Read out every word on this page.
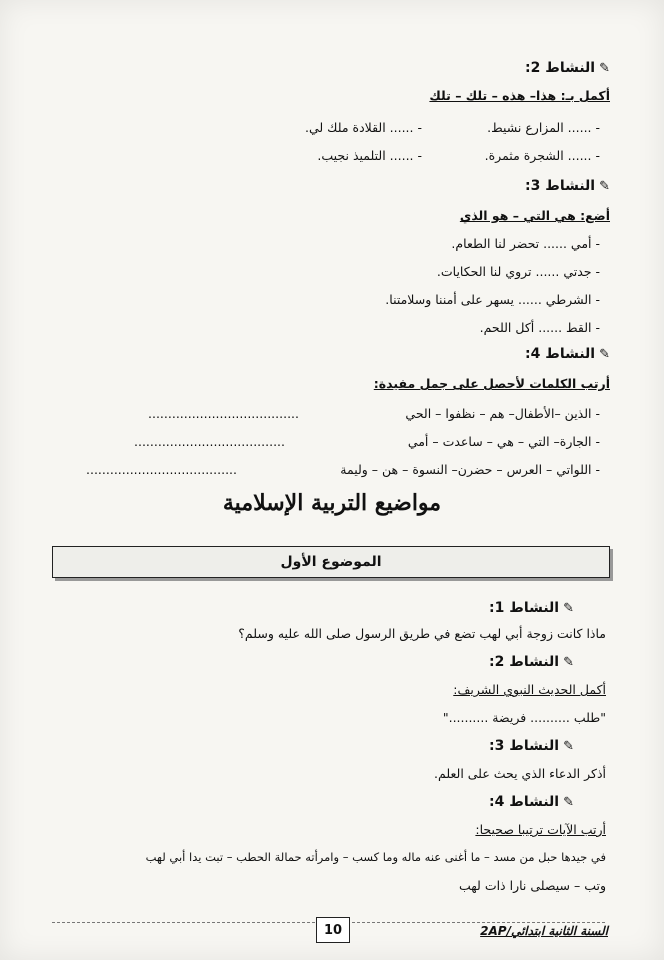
✎النشاط 2:
أكمل بـ: هذا– هذه – تلك – تلك
- ...... المزارع نشيط.
- ...... القلادة ملك لي.
- ...... الشجرة مثمرة.
- ...... التلميذ نجيب.
✎النشاط 3:
أضع: هي التي – هو الذي
- أمي ...... تحضر لنا الطعام.
- جدتي ...... تروي لنا الحكايات.
- الشرطي ...... يسهر على أمننا وسلامتنا.
- القط ...... أكل اللحم.
✎النشاط 4:
أرتب الكلمات لأحصل على جمل مفيدة:
- الذين –الأطفال– هم – نظفوا – الحي
......................................
- الجارة– التي – هي – ساعدت – أمي
......................................
- اللواتي – العرس – حضرن– النسوة – هن – وليمة
......................................
مواضيع التربية الإسلامية
الموضوع الأول
✎النشاط 1:
ماذا كانت زوجة أبي لهب تضع في طريق الرسول صلى الله عليه وسلم؟
✎النشاط 2:
أكمل الحديث النبوي الشريف:
"طلب .......... فريضة .........."
✎النشاط 3:
أذكر الدعاء الذي يحث على العلم.
✎النشاط 4:
أرتب الآيات ترتيبا صحيحا:
في جيدها حبل من مسد – ما أغنى عنه ماله وما كسب – وامرأته حمالة الحطب – تبت يدا أبي لهب
وتب – سيصلى نارا ذات لهب
10	السنة الثانية ابتدائي/2AP
